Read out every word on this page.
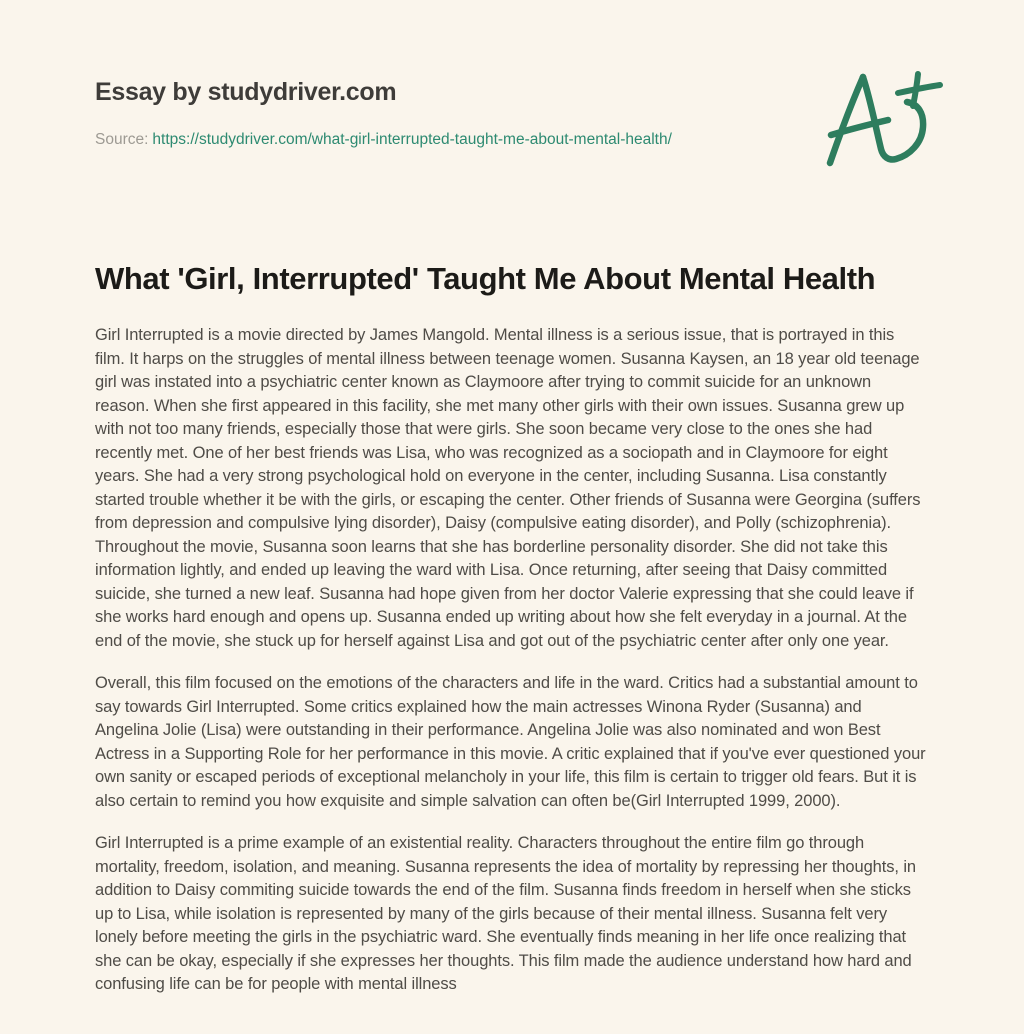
Essay by studydriver.com

Source: https://studydriver.com/what-girl-interrupted-taught-me-about-mental-health/

What 'Girl, Interrupted' Taught Me About Mental Health

Girl Interrupted is a movie directed by James Mangold. Mental illness is a serious issue, that is portrayed in this film. It harps on the struggles of mental illness between teenage women. Susanna Kaysen, an 18 year old teenage girl was instated into a psychiatric center known as Claymoore after trying to commit suicide for an unknown reason. When she first appeared in this facility, she met many other girls with their own issues. Susanna grew up with not too many friends, especially those that were girls. She soon became very close to the ones she had recently met. One of her best friends was Lisa, who was recognized as a sociopath and in Claymoore for eight years. She had a very strong psychological hold on everyone in the center, including Susanna. Lisa constantly started trouble whether it be with the girls, or escaping the center. Other friends of Susanna were Georgina (suffers from depression and compulsive lying disorder), Daisy (compulsive eating disorder), and Polly (schizophrenia). Throughout the movie, Susanna soon learns that she has borderline personality disorder. She did not take this information lightly, and ended up leaving the ward with Lisa. Once returning, after seeing that Daisy committed suicide, she turned a new leaf. Susanna had hope given from her doctor Valerie expressing that she could leave if she works hard enough and opens up. Susanna ended up writing about how she felt everyday in a journal. At the end of the movie, she stuck up for herself against Lisa and got out of the psychiatric center after only one year.

Overall, this film focused on the emotions of the characters and life in the ward. Critics had a substantial amount to say towards Girl Interrupted. Some critics explained how the main actresses Winona Ryder (Susanna) and Angelina Jolie (Lisa) were outstanding in their performance. Angelina Jolie was also nominated and won Best Actress in a Supporting Role for her performance in this movie. A critic explained that if you've ever questioned your own sanity or escaped periods of exceptional melancholy in your life, this film is certain to trigger old fears. But it is also certain to remind you how exquisite and simple salvation can often be(Girl Interrupted 1999, 2000).

Girl Interrupted is a prime example of an existential reality. Characters throughout the entire film go through mortality, freedom, isolation, and meaning. Susanna represents the idea of mortality by repressing her thoughts, in addition to Daisy commiting suicide towards the end of the film. Susanna finds freedom in herself when she sticks up to Lisa, while isolation is represented by many of the girls because of their mental illness. Susanna felt very lonely before meeting the girls in the psychiatric ward. She eventually finds meaning in her life once realizing that she can be okay, especially if she expresses her thoughts. This film made the audience understand how hard and confusing life can be for people with mental illness
